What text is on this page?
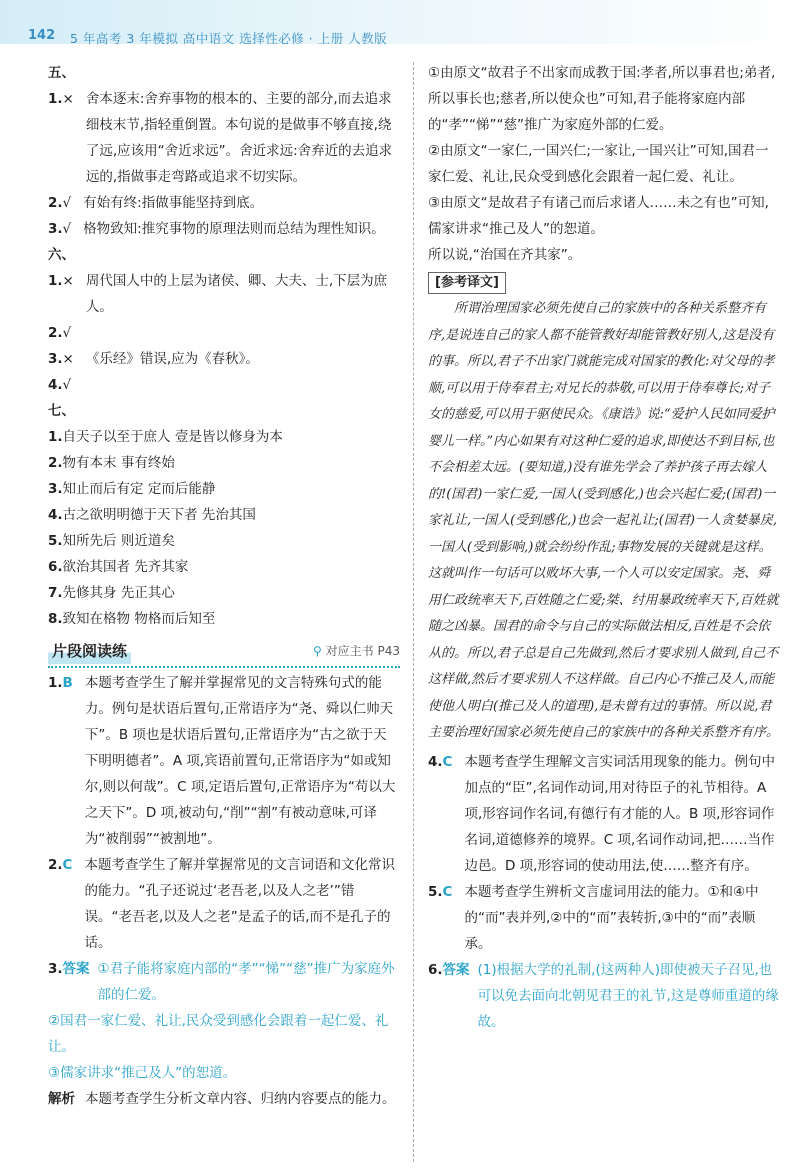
142 5 年高考 3 年模拟 高中语文 选择性必修 · 上册 人教版

五、

1. × 舍本逐末:舍弃事物的根本的、主要的部分,而去追求细枝末节,指轻重倒置。本句说的是做事不够直接,绕了远,应该用“舍近求远”。舍近求远:舍弃近的去追求远的,指做事走弯路或追求不切实际。
2. √ 有始有终:指做事能坚持到底。
3. √ 格物致知:推究事物的原理法则而总结为理性知识。

六、

1. × 周代国人中的上层为诸侯、卿、大夫、士,下层为庶人。
2. √
3. × 《乐经》错误,应为《春秋》。
4. √

七、

1. 自天子以至于庶人 壹是皆以修身为本
2. 物有本末 事有终始
3. 知止而后有定 定而后能静
4. 古之欲明明德于天下者 先治其国
5. 知所先后 则近道矣
6. 欲治其国者 先齐其家
7. 先修其身 先正其心
8. 致知在格物 物格而后知至
片段阅读练	⚲ 对应主书 P43
1. B 本题考查学生了解并掌握常见的文言特殊句式的能力。例句是状语后置句,正常语序为“尧、舜以仁帅天下”。B 项也是状语后置句,正常语序为“古之欲于天下明明德者”。A 项,宾语前置句,正常语序为“如或知尔,则以何哉”。C 项,定语后置句,正常语序为“苟以大之天下”。D 项,被动句,“削”“割”有被动意味,可译为“被削弱”“被割地”。
2. C 本题考查学生了解并掌握常见的文言词语和文化常识的能力。“孔子还说过‘老吾老,以及人之老’”错误。“老吾老,以及人之老”是孟子的话,而不是孔子的话。
3. 答案 ①君子能将家庭内部的“孝”“悌”“慈”推广为家庭外部的仁爱。

②国君一家仁爱、礼让,民众受到感化会跟着一起仁爱、礼让。

③儒家讲求“推己及人”的恕道。

解析 本题考查学生分析文章内容、归纳内容要点的能力。

①由原文“故君子不出家而成教于国:孝者,所以事君也;弟者,所以事长也;慈者,所以使众也”可知,君子能将家庭内部的“孝”“悌”“慈”推广为家庭外部的仁爱。

②由原文“一家仁,一国兴仁;一家让,一国兴让”可知,国君一家仁爱、礼让,民众受到感化会跟着一起仁爱、礼让。

③由原文“是故君子有诸己而后求诸人……未之有也”可知,儒家讲求“推己及人”的恕道。

所以说,“治国在齐其家”。

[参考译文]

所谓治理国家必须先使自己的家族中的各种关系整齐有序,是说连自己的家人都不能管教好却能管教好别人,这是没有的事。所以,君子不出家门就能完成对国家的教化:对父母的孝顺,可以用于侍奉君主;对兄长的恭敬,可以用于侍奉尊长;对子女的慈爱,可以用于驱使民众。《康诰》说:“爱护人民如同爱护婴儿一样。”内心如果有对这种仁爱的追求,即使达不到目标,也不会相差太远。(要知道,)没有谁先学会了养护孩子再去嫁人的!(国君)一家仁爱,一国人(受到感化,)也会兴起仁爱;(国君)一家礼让,一国人(受到感化,)也会一起礼让;(国君)一人贪婪暴戾,一国人(受到影响,)就会纷纷作乱;事物发展的关键就是这样。这就叫作一句话可以败坏大事,一个人可以安定国家。尧、舜用仁政统率天下,百姓随之仁爱;桀、纣用暴政统率天下,百姓就随之凶暴。国君的命令与自己的实际做法相反,百姓是不会依从的。所以,君子总是自己先做到,然后才要求别人做到,自己不这样做,然后才要求别人不这样做。自己内心不推己及人,而能使他人明白(推己及人的道理),是未曾有过的事情。所以说,君主要治理好国家必须先使自己的家族中的各种关系整齐有序。

4. C 本题考查学生理解文言实词活用现象的能力。例句中加点的“臣”,名词作动词,用对待臣子的礼节相待。A 项,形容词作名词,有德行有才能的人。B 项,形容词作名词,道德修养的境界。C 项,名词作动词,把……当作边邑。D 项,形容词的使动用法,使……整齐有序。
5. C 本题考查学生辨析文言虚词用法的能力。①和④中的“而”表并列,②中的“而”表转折,③中的“而”表顺承。
6. 答案 (1)根据大学的礼制,(这两种人)即使被天子召见,也可以免去面向北朝见君王的礼节,这是尊师重道的缘故。
